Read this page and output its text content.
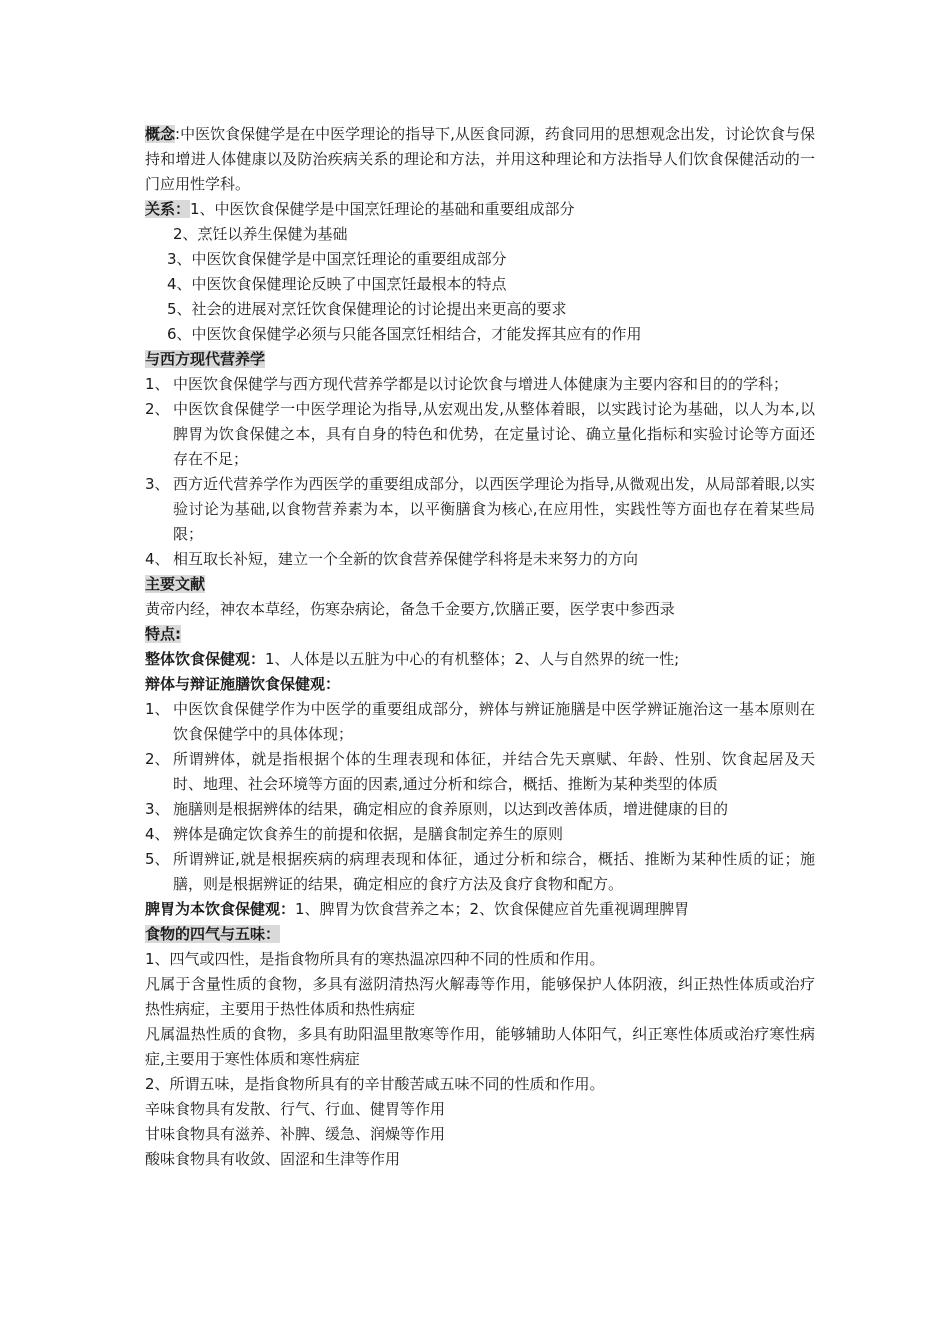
概念:中医饮食保健学是在中医学理论的指导下,从医食同源，药食同用的思想观念出发，讨论饮食与保持和增进人体健康以及防治疾病关系的理论和方法，并用这种理论和方法指导人们饮食保健活动的一门应用性学科。
关系：1、中医饮食保健学是中国烹饪理论的基础和重要组成部分
2、烹饪以养生保健为基础
3、中医饮食保健学是中国烹饪理论的重要组成部分
4、中医饮食保健理论反映了中国烹饪最根本的特点
5、社会的进展对烹饪饮食保健理论的讨论提出来更高的要求
6、中医饮食保健学必须与只能各国烹饪相结合，才能发挥其应有的作用
与西方现代营养学
1、 中医饮食保健学与西方现代营养学都是以讨论饮食与增进人体健康为主要内容和目的的学科；
2、 中医饮食保健学一中医学理论为指导,从宏观出发,从整体着眼，以实践讨论为基础，以人为本,以脾胃为饮食保健之本，具有自身的特色和优势，在定量讨论、确立量化指标和实验讨论等方面还存在不足；
3、 西方近代营养学作为西医学的重要组成部分，以西医学理论为指导,从微观出发，从局部着眼,以实验讨论为基础,以食物营养素为本，以平衡膳食为核心,在应用性，实践性等方面也存在着某些局限；
4、 相互取长补短，建立一个全新的饮食营养保健学科将是未来努力的方向
主要文献
黄帝内经，神农本草经，伤寒杂病论，备急千金要方,饮膳正要，医学衷中参西录
特点:
整体饮食保健观：1、人体是以五脏为中心的有机整体；2、人与自然界的统一性;
辩体与辩证施膳饮食保健观：
1、 中医饮食保健学作为中医学的重要组成部分，辨体与辨证施膳是中医学辨证施治这一基本原则在饮食保健学中的具体体现；
2、 所谓辨体，就是指根据个体的生理表现和体征，并结合先天禀赋、年龄、性别、饮食起居及天时、地理、社会环境等方面的因素,通过分析和综合，概括、推断为某种类型的体质
3、 施膳则是根据辨体的结果，确定相应的食养原则，以达到改善体质，增进健康的目的
4、 辨体是确定饮食养生的前提和依据，是膳食制定养生的原则
5、 所谓辨证,就是根据疾病的病理表现和体征，通过分析和综合，概括、推断为某种性质的证；施膳，则是根据辨证的结果，确定相应的食疗方法及食疗食物和配方。
脾胃为本饮食保健观：1、脾胃为饮食营养之本；2、饮食保健应首先重视调理脾胃
食物的四气与五味：
1、四气或四性，是指食物所具有的寒热温凉四种不同的性质和作用。
凡属于含量性质的食物，多具有滋阴清热泻火解毒等作用，能够保护人体阴液，纠正热性体质或治疗热性病症，主要用于热性体质和热性病症
凡属温热性质的食物，多具有助阳温里散寒等作用，能够辅助人体阳气，纠正寒性体质或治疗寒性病症,主要用于寒性体质和寒性病症
2、所谓五味，是指食物所具有的辛甘酸苦咸五味不同的性质和作用。
辛味食物具有发散、行气、行血、健胃等作用
甘味食物具有滋养、补脾、缓急、润燥等作用
酸味食物具有收敛、固涩和生津等作用
